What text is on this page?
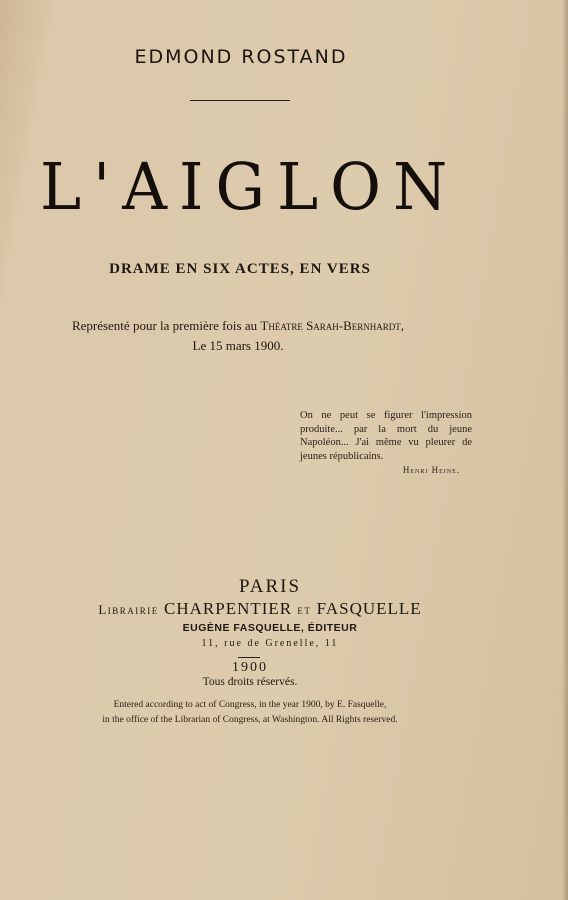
EDMOND ROSTAND
L'AIGLON
DRAME EN SIX ACTES, EN VERS
Représenté pour la première fois au Théatre Sarah-Bernhardt,
Le 15 mars 1900.
On ne peut se figurer l'impression produite... par la mort du jeune Napoléon... J'ai même vu pleurer de jeunes républicains.
Henri Heine.
PARIS
Librairie CHARPENTIER et FASQUELLE
EUGÈNE FASQUELLE, ÉDITEUR
11, rue de Grenelle, 11
1900
Tous droits réservés.
Entered according to act of Congress, in the year 1900, by E. Fasquelle,
in the office of the Librarian of Congress, at Washington. All Rights reserved.
